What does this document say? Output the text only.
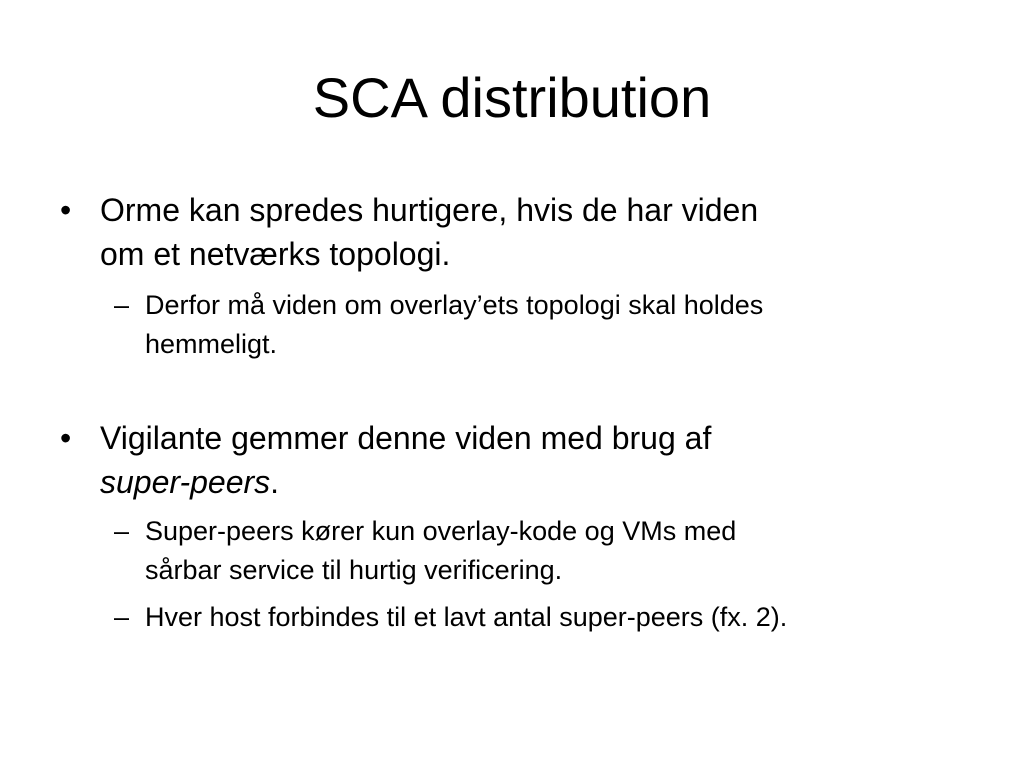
SCA distribution
• Orme kan spredes hurtigere, hvis de har viden
om et netværks topologi.
– Derfor må viden om overlay’ets topologi skal holdes
hemmeligt.
• Vigilante gemmer denne viden med brug af
super-peers.
– Super-peers kører kun overlay-kode og VMs med
sårbar service til hurtig verificering.
– Hver host forbindes til et lavt antal super-peers (fx. 2).
